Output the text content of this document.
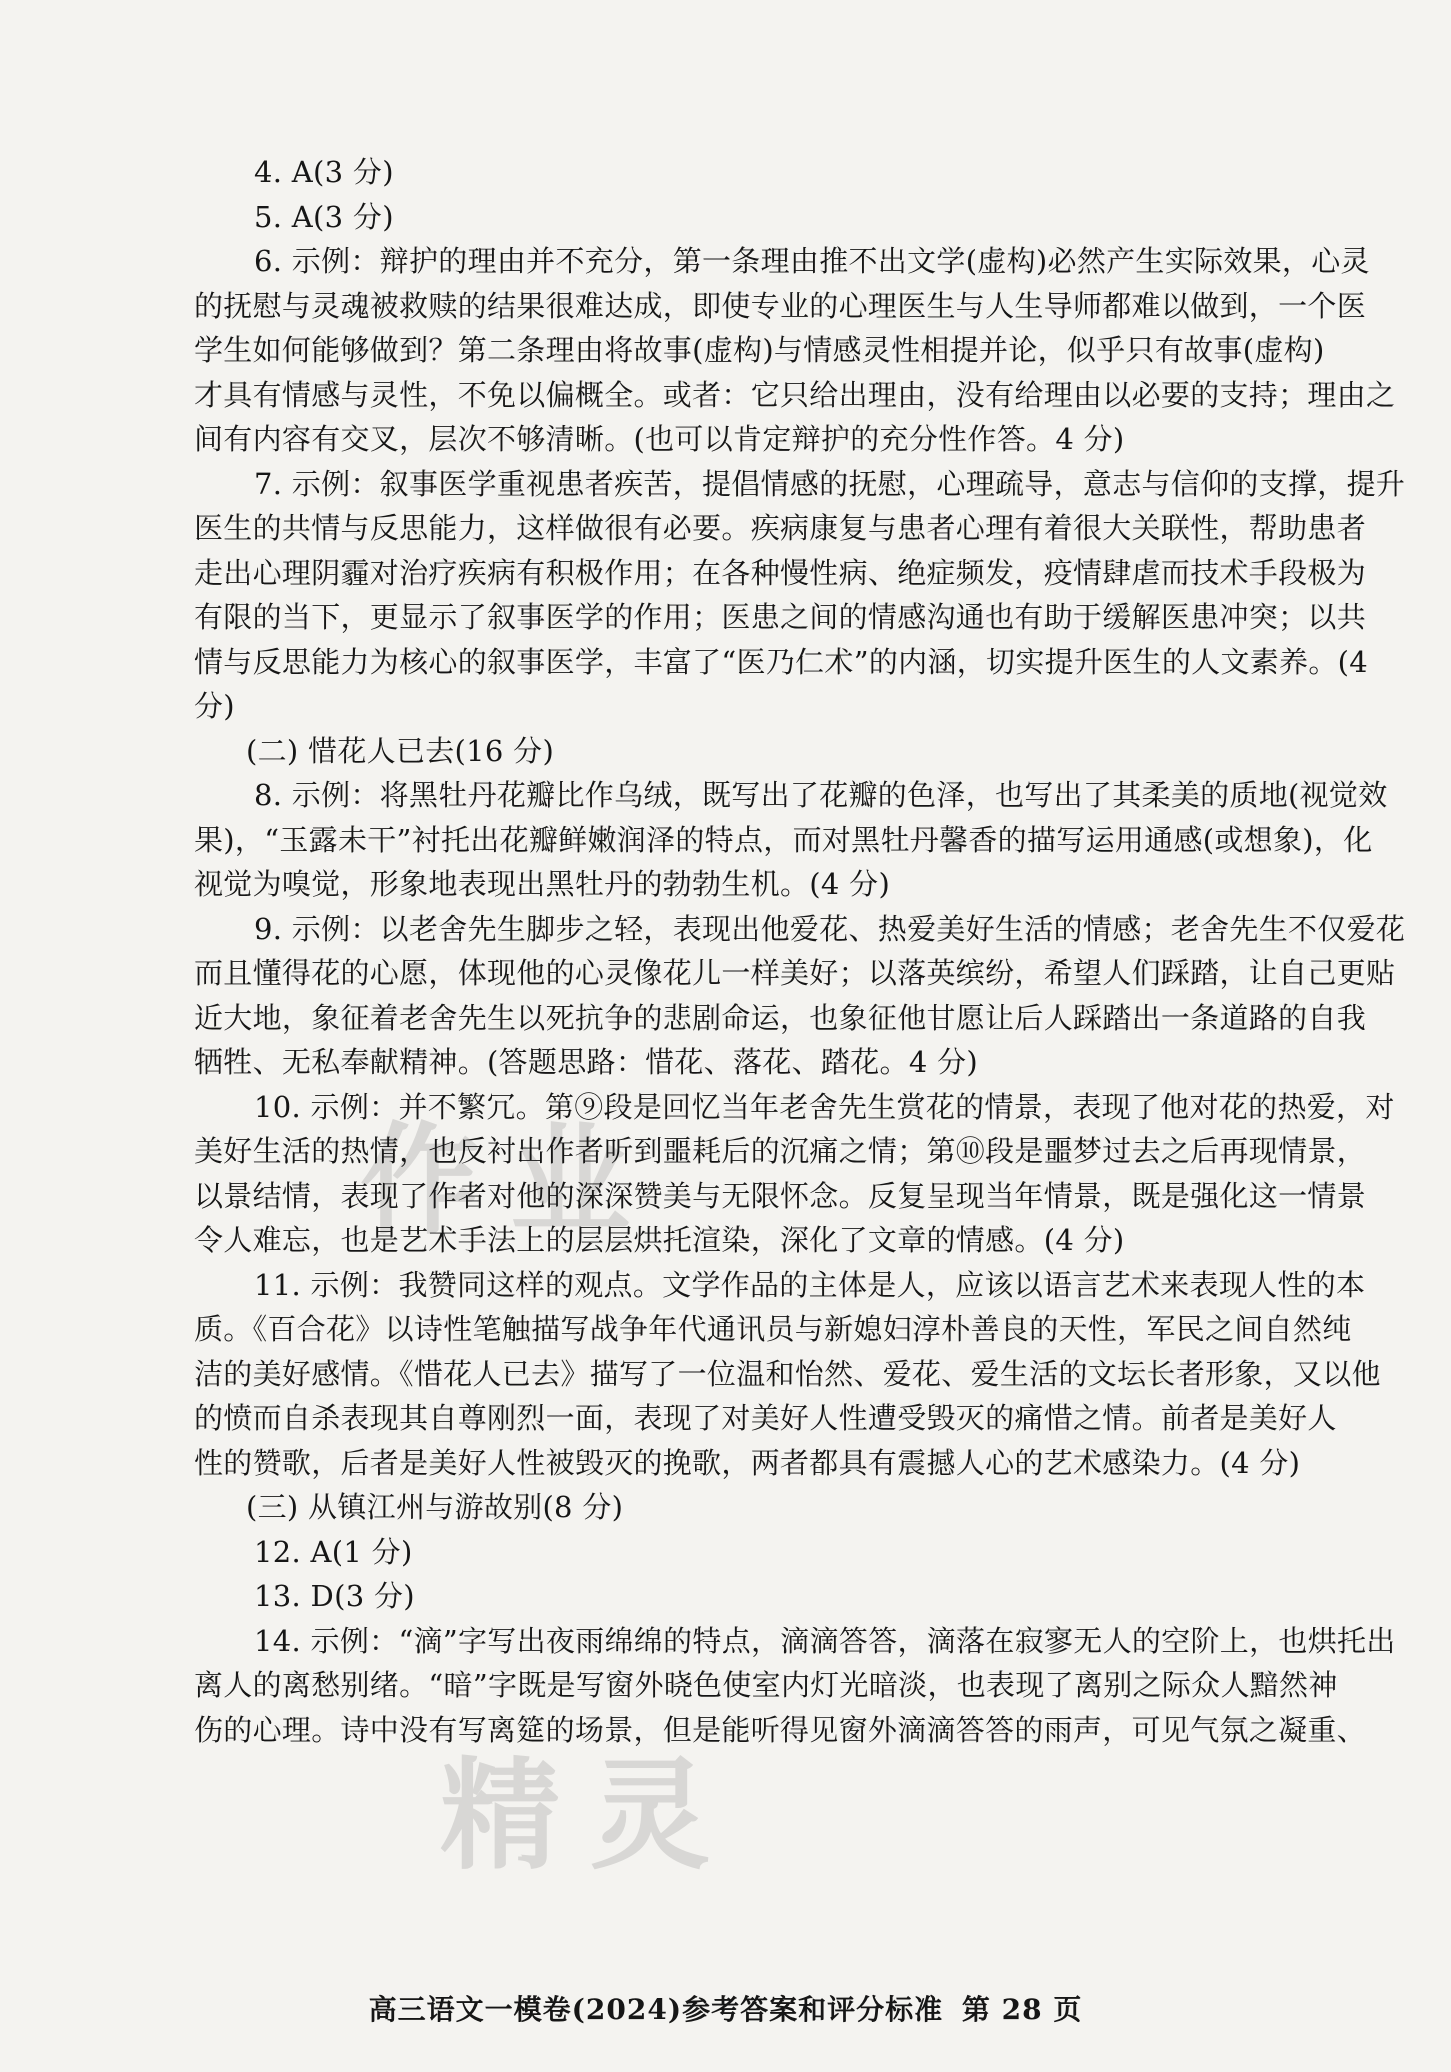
作业
精灵
4. A(3 分)
5. A(3 分)
6. 示例：辩护的理由并不充分，第一条理由推不出文学(虚构)必然产生实际效果，心灵
的抚慰与灵魂被救赎的结果很难达成，即使专业的心理医生与人生导师都难以做到，一个医
学生如何能够做到？第二条理由将故事(虚构)与情感灵性相提并论，似乎只有故事(虚构)
才具有情感与灵性，不免以偏概全。或者：它只给出理由，没有给理由以必要的支持；理由之
间有内容有交叉，层次不够清晰。(也可以肯定辩护的充分性作答。4 分)
7. 示例：叙事医学重视患者疾苦，提倡情感的抚慰，心理疏导，意志与信仰的支撑，提升
医生的共情与反思能力，这样做很有必要。疾病康复与患者心理有着很大关联性，帮助患者
走出心理阴霾对治疗疾病有积极作用；在各种慢性病、绝症频发，疫情肆虐而技术手段极为
有限的当下，更显示了叙事医学的作用；医患之间的情感沟通也有助于缓解医患冲突；以共
情与反思能力为核心的叙事医学，丰富了“医乃仁术”的内涵，切实提升医生的人文素养。(4
分)
(二) 惜花人已去(16 分)
8. 示例：将黑牡丹花瓣比作乌绒，既写出了花瓣的色泽，也写出了其柔美的质地(视觉效
果)，“玉露未干”衬托出花瓣鲜嫩润泽的特点，而对黑牡丹馨香的描写运用通感(或想象)，化
视觉为嗅觉，形象地表现出黑牡丹的勃勃生机。(4 分)
9. 示例：以老舍先生脚步之轻，表现出他爱花、热爱美好生活的情感；老舍先生不仅爱花
而且懂得花的心愿，体现他的心灵像花儿一样美好；以落英缤纷，希望人们踩踏，让自己更贴
近大地，象征着老舍先生以死抗争的悲剧命运，也象征他甘愿让后人踩踏出一条道路的自我
牺牲、无私奉献精神。(答题思路：惜花、落花、踏花。4 分)
10. 示例：并不繁冗。第⑨段是回忆当年老舍先生赏花的情景，表现了他对花的热爱，对
美好生活的热情，也反衬出作者听到噩耗后的沉痛之情；第⑩段是噩梦过去之后再现情景，
以景结情，表现了作者对他的深深赞美与无限怀念。反复呈现当年情景，既是强化这一情景
令人难忘，也是艺术手法上的层层烘托渲染，深化了文章的情感。(4 分)
11. 示例：我赞同这样的观点。文学作品的主体是人，应该以语言艺术来表现人性的本
质。《百合花》以诗性笔触描写战争年代通讯员与新媳妇淳朴善良的天性，军民之间自然纯
洁的美好感情。《惜花人已去》描写了一位温和怡然、爱花、爱生活的文坛长者形象，又以他
的愤而自杀表现其自尊刚烈一面，表现了对美好人性遭受毁灭的痛惜之情。前者是美好人
性的赞歌，后者是美好人性被毁灭的挽歌，两者都具有震撼人心的艺术感染力。(4 分)
(三) 从镇江州与游故别(8 分)
12. A(1 分)
13. D(3 分)
14. 示例：“滴”字写出夜雨绵绵的特点，滴滴答答，滴落在寂寥无人的空阶上，也烘托出
离人的离愁别绪。“暗”字既是写窗外晓色使室内灯光暗淡，也表现了离别之际众人黯然神
伤的心理。诗中没有写离筵的场景，但是能听得见窗外滴滴答答的雨声，可见气氛之凝重、
高三语文一模卷(2024)参考答案和评分标准 第 28 页
